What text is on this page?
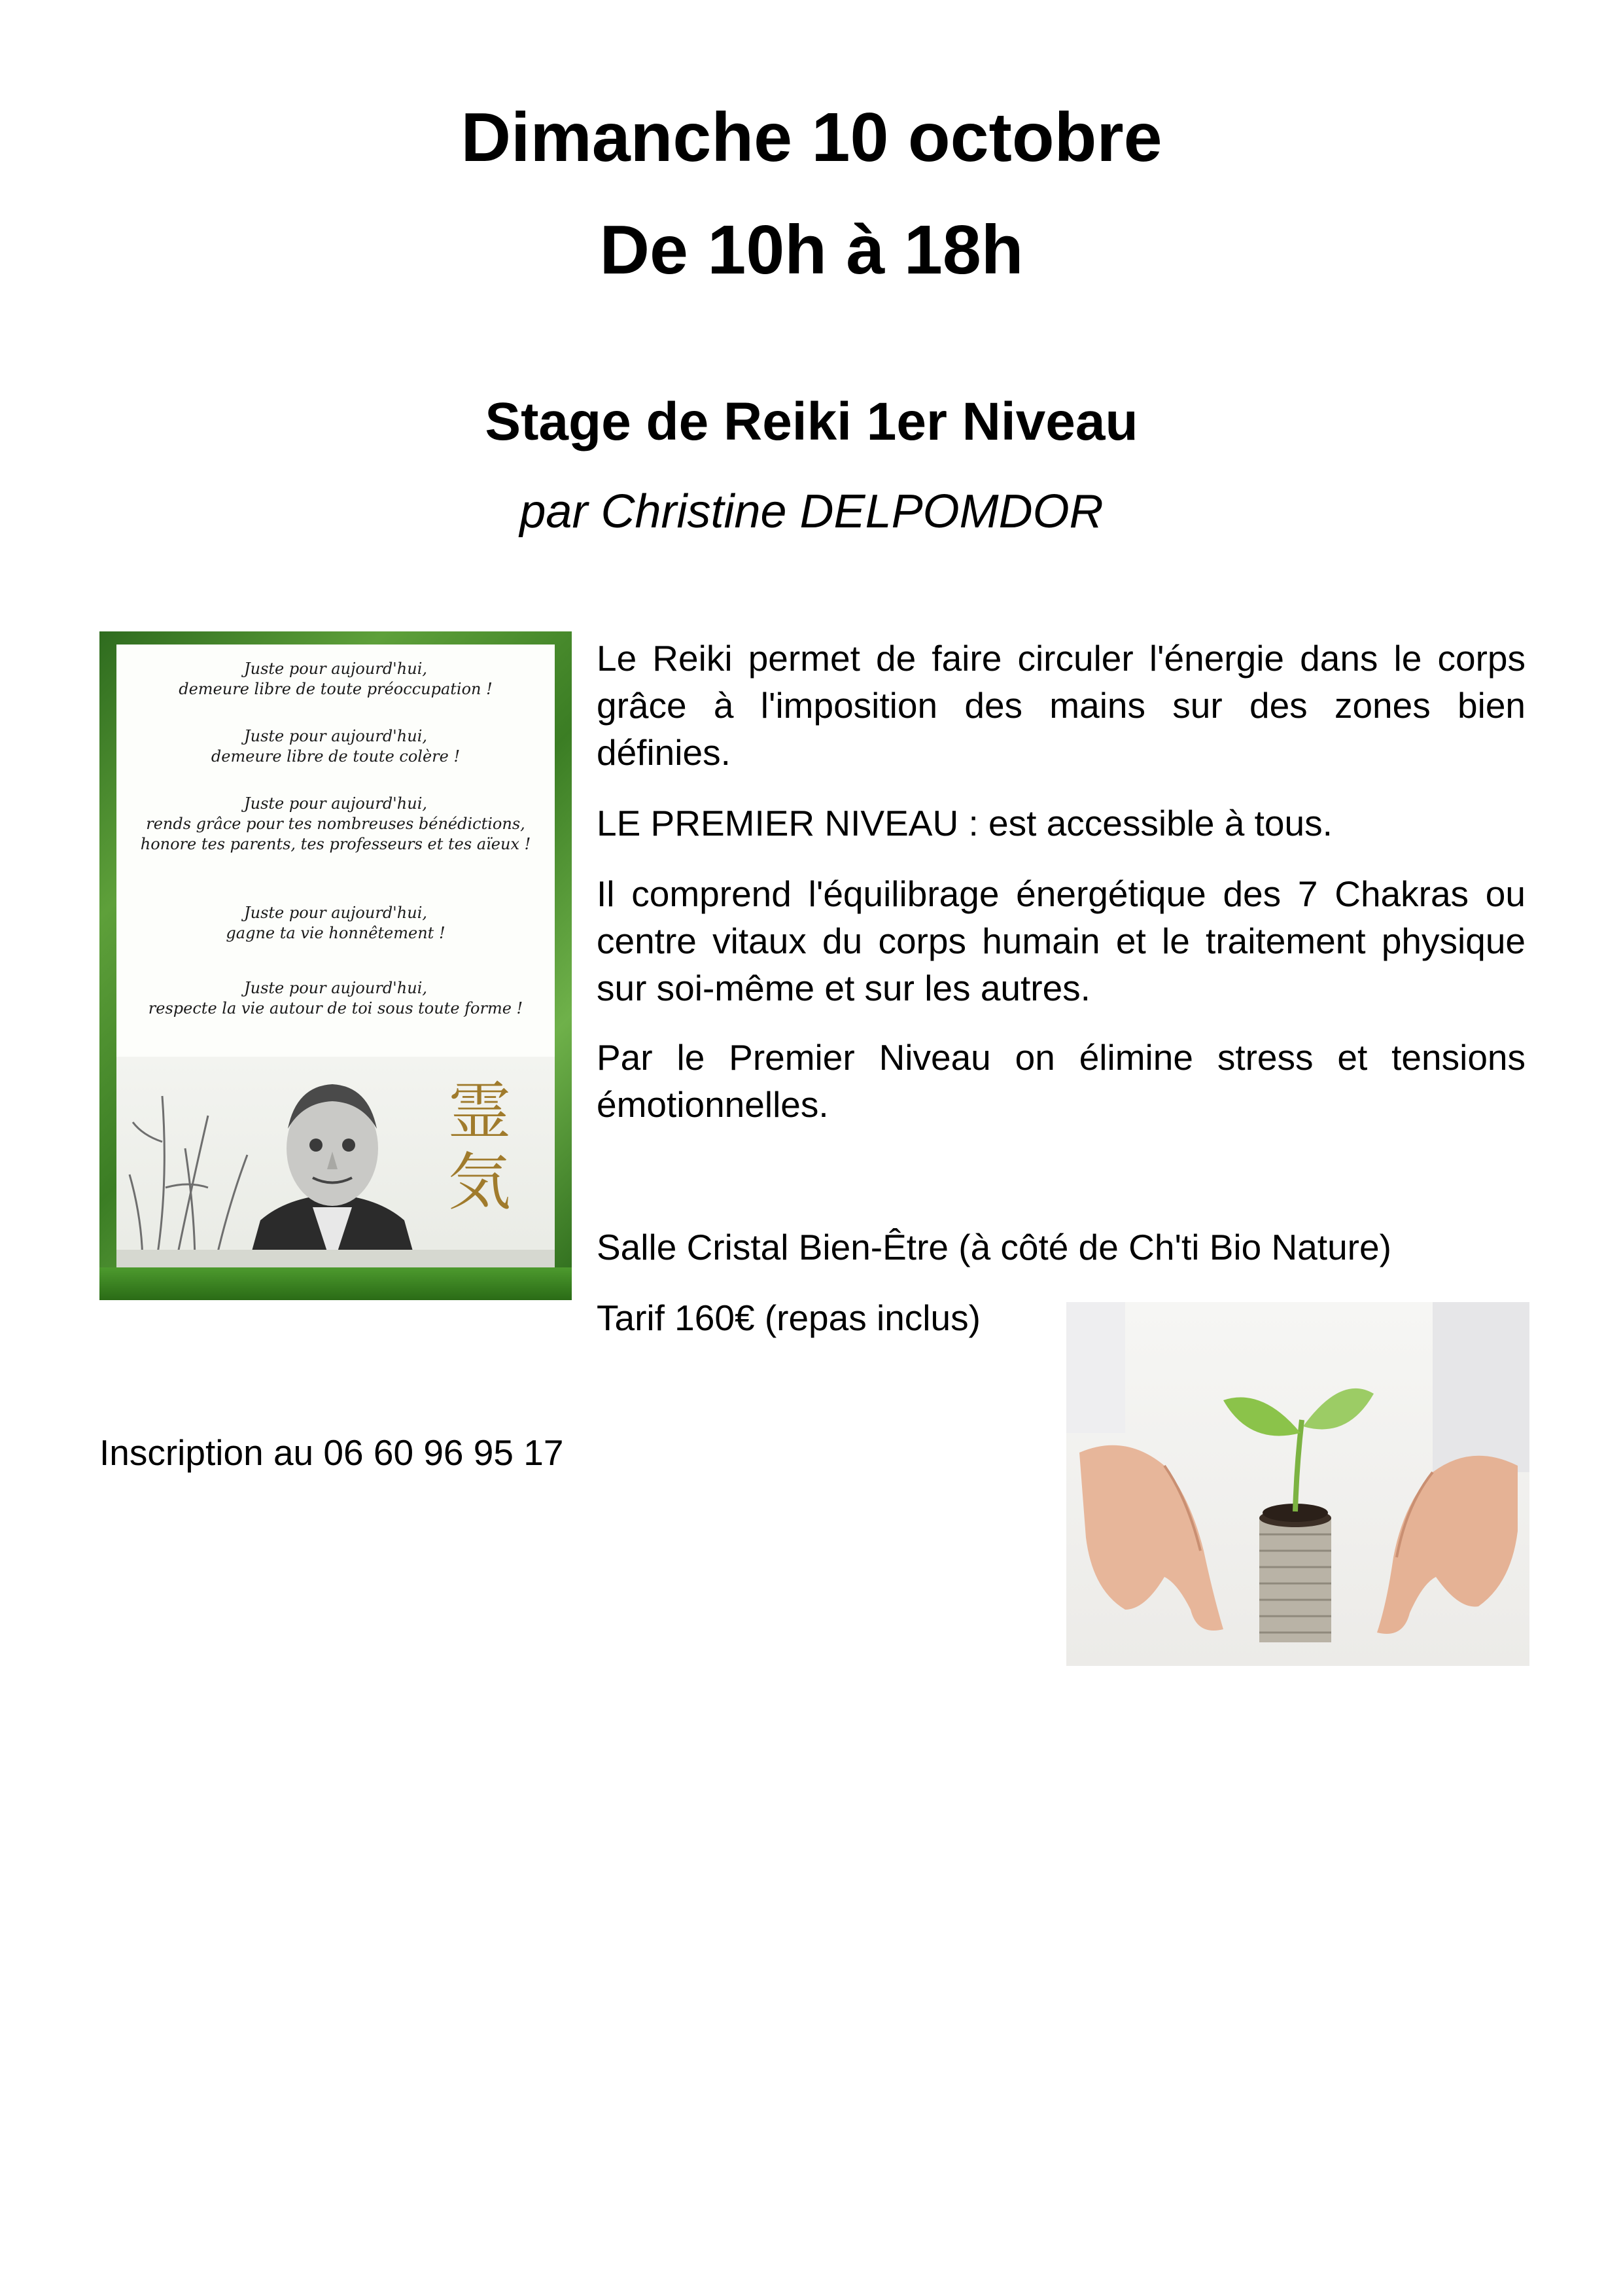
Dimanche 10 octobre
De 10h à 18h
Stage de Reiki 1er Niveau
par Christine DELPOMDOR
Juste pour aujourd'hui,
demeure libre de toute préoccupation !
Juste pour aujourd'hui,
demeure libre de toute colère !
Juste pour aujourd'hui,
rends grâce pour tes nombreuses bénédictions,
honore tes parents, tes professeurs et tes aïeux !
Juste pour aujourd'hui,
gagne ta vie honnêtement !
Juste pour aujourd'hui,
respecte la vie autour de toi sous toute forme !
霊気
Le Reiki permet de faire circuler l'énergie dans le corps grâce à l'imposition des mains sur des zones bien définies.
LE PREMIER NIVEAU : est accessible à tous.
Il comprend l'équilibrage énergétique des 7 Chakras ou centre vitaux du corps humain et le traitement physique sur soi-même et sur les autres.
Par le Premier Niveau on élimine stress et tensions émotionnelles.
Salle Cristal Bien-Être (à côté de Ch'ti Bio Nature)
Tarif 160€ (repas inclus)
Inscription au 06 60 96 95 17
